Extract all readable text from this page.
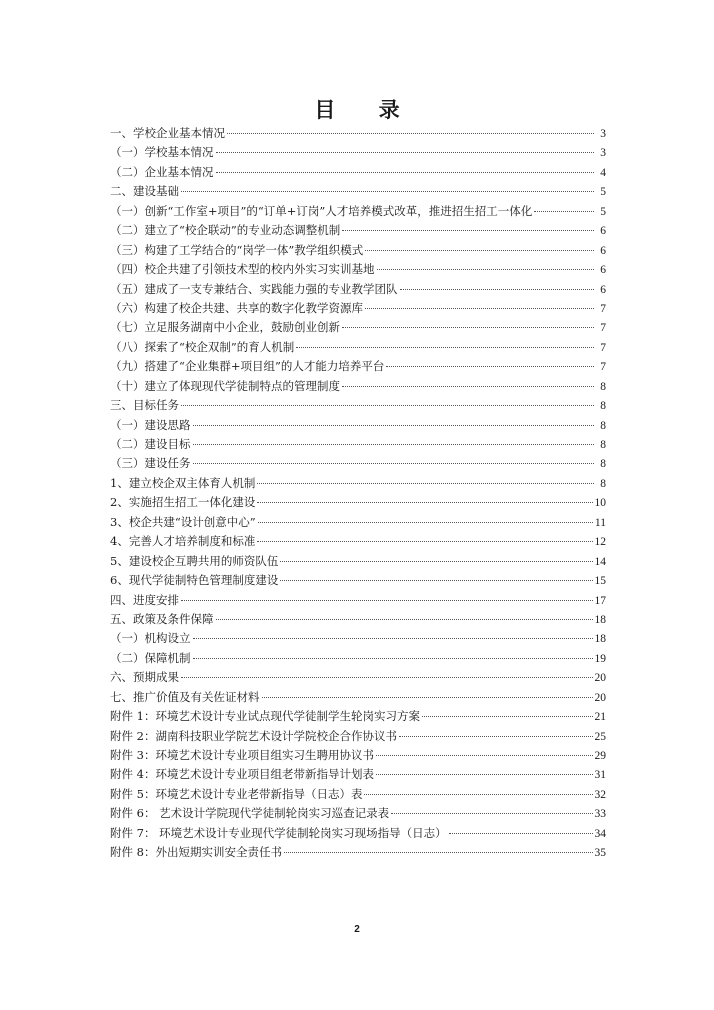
目 录
一、学校企业基本情况	3
（一）学校基本情况	3
（二）企业基本情况	4
二、建设基础	5
（一）创新“工作室+项目”的“订单+订岗”人才培养模式改革，推进招生招工一体化	5
（二）建立了“校企联动”的专业动态调整机制	6
（三）构建了工学结合的“岗学一体”教学组织模式	6
（四）校企共建了引领技术型的校内外实习实训基地	6
（五）建成了一支专兼结合、实践能力强的专业教学团队	6
（六）构建了校企共建、共享的数字化教学资源库	7
（七）立足服务湖南中小企业，鼓励创业创新	7
（八）探索了“校企双制”的育人机制	7
（九）搭建了“企业集群+项目组”的人才能力培养平台	7
（十）建立了体现现代学徒制特点的管理制度	8
三、目标任务	8
（一）建设思路	8
（二）建设目标	8
（三）建设任务	8
1、建立校企双主体育人机制	8
2、实施招生招工一体化建设	10
3、校企共建“设计创意中心”	11
4、完善人才培养制度和标准	12
5、建设校企互聘共用的师资队伍	14
6、现代学徒制特色管理制度建设	15
四、进度安排	17
五、政策及条件保障	18
（一）机构设立	18
（二）保障机制	19
六、预期成果	20
七、推广价值及有关佐证材料	20
附件 1：环境艺术设计专业试点现代学徒制学生轮岗实习方案	21
附件 2：湖南科技职业学院艺术设计学院校企合作协议书	25
附件 3：环境艺术设计专业项目组实习生聘用协议书	29
附件 4：环境艺术设计专业项目组老带新指导计划表	31
附件 5：环境艺术设计专业老带新指导（日志）表	32
附件 6： 艺术设计学院现代学徒制轮岗实习巡查记录表	33
附件 7： 环境艺术设计专业现代学徒制轮岗实习现场指导（日志）	34
附件 8：外出短期实训安全责任书	35
2
